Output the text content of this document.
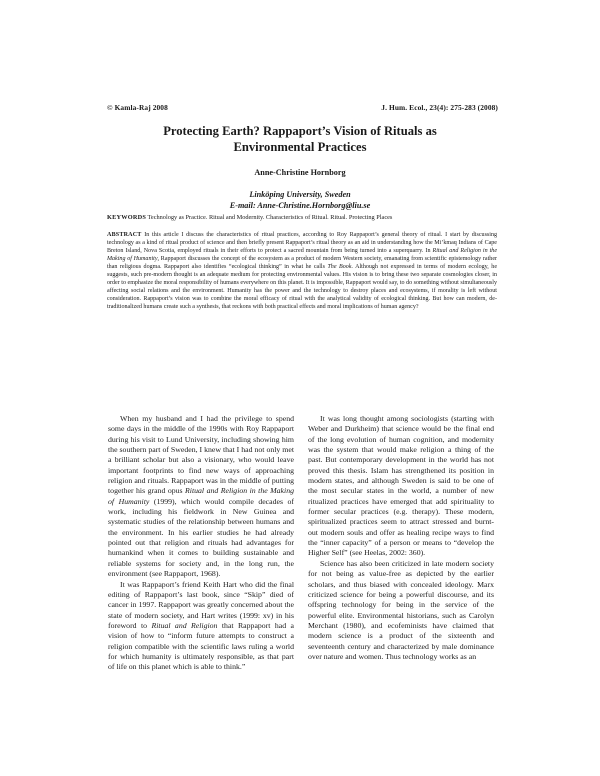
© Kamla-Raj 2008	J. Hum. Ecol., 23(4): 275-283 (2008)
Protecting Earth? Rappaport’s Vision of Rituals as
Environmental Practices
Anne-Christine Hornborg
Linköping University, Sweden
E-mail: Anne-Christine.Hornborg@liu.se
KEYWORDS Technology as Practice. Ritual and Modernity. Characteristics of Ritual. Ritual. Protecting Places

ABSTRACT In this article I discuss the characteristics of ritual practices, according to Roy Rappaport’s general theory of ritual. I start by discussing technology as a kind of ritual product of science and then briefly present Rappaport’s ritual theory as an aid in understanding how the Mi’kmaq Indians of Cape Breton Island, Nova Scotia, employed rituals in their efforts to protect a sacred mountain from being turned into a superquarry. In Ritual and Religion in the Making of Humanity, Rappaport discusses the concept of the ecosystem as a product of modern Western society, emanating from scientific epistemology rather than religious dogma. Rappaport also identifies “ecological thinking” in what he calls The Book. Although not expressed in terms of modern ecology, he suggests, such pre-modern thought is an adequate medium for protecting environmental values. His vision is to bring these two separate cosmologies closer, in order to emphasize the moral responsibility of humans everywhere on this planet. It is impossible, Rappaport would say, to do something without simultaneously affecting social relations and the environment. Humanity has the power and the technology to destroy places and ecosystems, if morality is left without consideration. Rappaport’s vision was to combine the moral efficacy of ritual with the analytical validity of ecological thinking. But how can modern, de-traditionalized humans create such a synthesis, that reckons with both practical effects and moral implications of human agency?

When my husband and I had the privilege to spend some days in the middle of the 1990s with Roy Rappaport during his visit to Lund University, including showing him the southern part of Sweden, I knew that I had not only met a brilliant scholar but also a visionary, who would leave important footprints to find new ways of approaching religion and rituals. Rappaport was in the middle of putting together his grand opus Ritual and Religion in the Making of Humanity (1999), which would compile decades of work, including his fieldwork in New Guinea and systematic studies of the relationship between humans and the environment. In his earlier studies he had already pointed out that religion and rituals had advantages for humankind when it comes to building sustainable and reliable systems for society and, in the long run, the environment (see Rappaport, 1968).

It was Rappaport’s friend Keith Hart who did the final editing of Rappaport’s last book, since “Skip” died of cancer in 1997. Rappaport was greatly concerned about the state of modern society, and Hart writes (1999: xv) in his foreword to Ritual and Religion that Rappaport had a vision of how to “inform future attempts to construct a religion compatible with the scientific laws ruling a world for which humanity is ultimately responsible, as that part of life on this planet which is able to think.”

It was long thought among sociologists (starting with Weber and Durkheim) that science would be the final end of the long evolution of human cognition, and modernity was the system that would make religion a thing of the past. But contemporary development in the world has not proved this thesis. Islam has strengthened its position in modern states, and although Sweden is said to be one of the most secular states in the world, a number of new ritualized practices have emerged that add spirituality to former secular practices (e.g. therapy). These modern, spiritualized practices seem to attract stressed and burnt-out modern souls and offer as healing recipe ways to find the “inner capacity” of a person or means to “develop the Higher Self” (see Heelas, 2002: 360).

Science has also been criticized in late modern society for not being as value-free as depicted by the earlier scholars, and thus biased with concealed ideology. Marx criticized science for being a powerful discourse, and its offspring technology for being in the service of the powerful elite. Environmental historians, such as Carolyn Merchant (1980), and ecofeminists have claimed that modern science is a product of the sixteenth and seventeenth century and characterized by male dominance over nature and women. Thus technology works as an
